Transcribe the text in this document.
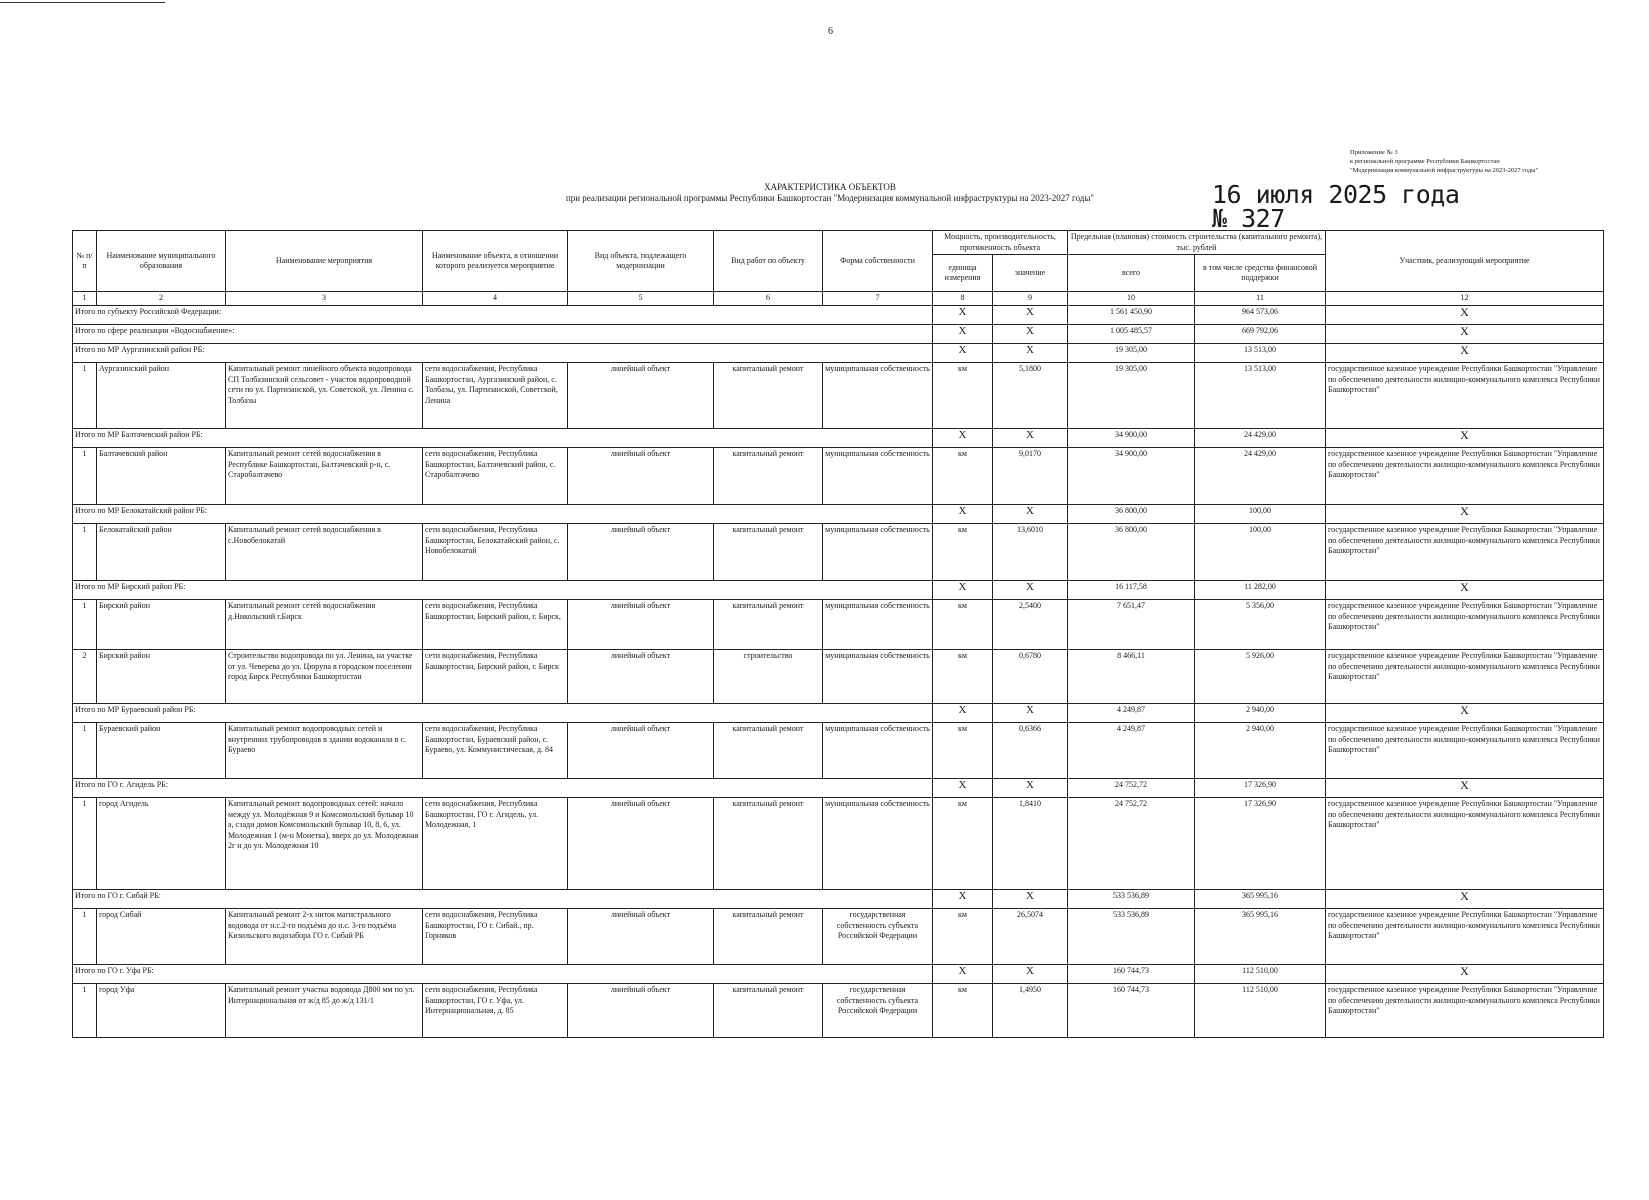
6
Приложение № 3
к региональной программе Республики Башкортостан
"Модернизация коммунальной инфраструктуры на 2023-2027 годы"
ХАРАКТЕРИСТИКА ОБЪЕКТОВ
при реализации региональной программы Республики Башкортостан "Модернизация коммунальной инфраструктуры на 2023-2027 годы"	16 июля 2025 года
№ 327
№ п/п	Наименование муниципального образования	Наименование мероприятия	Наименование объекта, в отношении которого реализуется мероприятие	Вид объекта, подлежащего модернизации	Вид работ по объекту	Форма собственности	Мощность, производительность, протяженность объекта		Предельная (плановая) стоимость строительства (капитального ремонта), тыс. рублей		Участник, реализующий мероприятие
							единица измерения	значение	всего	в том числе средства финансовой поддержки	
1	2	3	4	5	6	7	8	9	10	11	12
Итого по субъекту Российской Федерации:							X	X	1 561 450,90	964 573,06	X
Итого по сфере реализации «Водоснабжение»:							X	X	1 005 485,57	669 792,06	X
Итого по МР Аургазинский район РБ:							X	X	19 305,00	13 513,00	X
1	Аургазинский район	Капитальный ремонт линейного объекта водопровода СП Толбазинский сельсовет - участок водопроводной сети по ул. Партизанской, ул. Советской, ул. Ленина с. Толбазы	сети водоснабжения, Республика Башкортостан, Аургазинский район, с. Толбазы, ул. Партизанской, Советской, Ленина	линейный объект	капитальный ремонт	муниципальная собственность	км	5,1800	19 305,00	13 513,00	государственное казенное учреждение Республики Башкортостан "Управление по обеспечению деятельности жилищно-коммунального комплекса Республики Башкортостан"
Итого по МР Балтачевский район РБ:							X	X	34 900,00	24 429,00	X
1	Балтачевский район	Капитальный ремонт сетей водоснабжения в Республике Башкортостан, Балтачевский р-н, с. Старобалтачево	сети водоснабжения, Республика Башкортостан, Балтачевский район, с. Старобалтачево	линейный объект	капитальный ремонт	муниципальная собственность	км	9,0170	34 900,00	24 429,00	государственное казенное учреждение Республики Башкортостан "Управление по обеспечению деятельности жилищно-коммунального комплекса Республики Башкортостан"
Итого по МР Белокатайский район РБ:							X	X	36 800,00	100,00	X
1	Белокатайский район	Капитальный ремонт сетей водоснабжения в с.Новобелокатай	сети водоснабжения, Республика Башкортостан, Белокатайский район, с. Новобелокатай	линейный объект	капитальный ремонт	муниципальная собственность	км	13,6010	36 800,00	100,00	государственное казенное учреждение Республики Башкортостан "Управление по обеспечению деятельности жилищно-коммунального комплекса Республики Башкортостан"
Итого по МР Бирский район РБ:							X	X	16 117,58	11 282,00	X
1	Бирский район	Капитальный ремонт сетей водоснабжения д.Никольский г.Бирск	сети водоснабжения, Республика Башкортостан, Бирский район, г. Бирск,	линейный объект	капитальный ремонт	муниципальная собственность	км	2,5400	7 651,47	5 356,00	государственное казенное учреждение Республики Башкортостан "Управление по обеспечению деятельности жилищно-коммунального комплекса Республики Башкортостан"
2	Бирский район	Строительство водопровода по ул. Ленина, на участке от ул. Чеверева до ул. Цюрупа в городском поселении город Бирск Республики Башкортостан	сети водоснабжения, Республика Башкортостан, Бирский район, г. Бирск	линейный объект	строительство	муниципальная собственность	км	0,6780	8 466,11	5 926,00	государственное казенное учреждение Республики Башкортостан "Управление по обеспечению деятельности жилищно-коммунального комплекса Республики Башкортостан"
Итого по МР Бураевский район РБ:							X	X	4 249,87	2 940,00	X
1	Бураевский район	Капитальный ремонт водопроводных сетей и внутренних трубопроводов в здании водоканала в с. Бураево	сети водоснабжения, Республика Башкортостан, Бураевский район, с. Бураево, ул. Коммунистическая, д. 84	линейный объект	капитальный ремонт	муниципальная собственность	км	0,6366	4 249,87	2 940,00	государственное казенное учреждение Республики Башкортостан "Управление по обеспечению деятельности жилищно-коммунального комплекса Республики Башкортостан"
Итого по ГО г. Агидель РБ:							X	X	24 752,72	17 326,90	X
1	город Агидель	Капитальный ремонт водопроводных сетей: начало между ул. Молодёжная 9 и Комсомольский бульвар 10 а, сзади домов Комсомольский бульвар 10, 8, 6, ул. Молодежная 1 (м-н Монетка), вверх до ул. Молодежная 2г и до ул. Молодежная 10	сети водоснабжения, Республика Башкортостан, ГО г. Агидель, ул. Молодежная, 1	линейный объект	капитальный ремонт	муниципальная собственность	км	1,8410	24 752,72	17 326,90	государственное казенное учреждение Республики Башкортостан "Управление по обеспечению деятельности жилищно-коммунального комплекса Республики Башкортостан"
Итого по ГО г. Сибай РБ:							X	X	533 536,89	365 995,16	X
1	город Сибай	Капитальный ремонт 2-х ниток магистрального водовода от н.с.2-го подъёма до н.с. 3-го подъёма Кизильского водозабора ГО г. Сибай РБ	сети водоснабжения, Республика Башкортостан, ГО г. Сибай., пр. Горняков	линейный объект	капитальный ремонт	государственная собственность субъекта Российской Федерации	км	26,5074	533 536,89	365 995,16	государственное казенное учреждение Республики Башкортостан "Управление по обеспечению деятельности жилищно-коммунального комплекса Республики Башкортостан"
Итого по ГО г. Уфа РБ:							X	X	160 744,73	112 510,00	X
1	город Уфа	Капитальный ремонт участка водовода Д800 мм по ул. Интернациональная от ж/д 85 до ж/д 131/1	сети водоснабжения, Республика Башкортостан, ГО г. Уфа, ул. Интернациональная, д. 85	линейный объект	капитальный ремонт	государственная собственность субъекта Российской Федерации	км	1,4950	160 744,73	112 510,00	государственное казенное учреждение Республики Башкортостан "Управление по обеспечению деятельности жилищно-коммунального комплекса Республики Башкортостан"
